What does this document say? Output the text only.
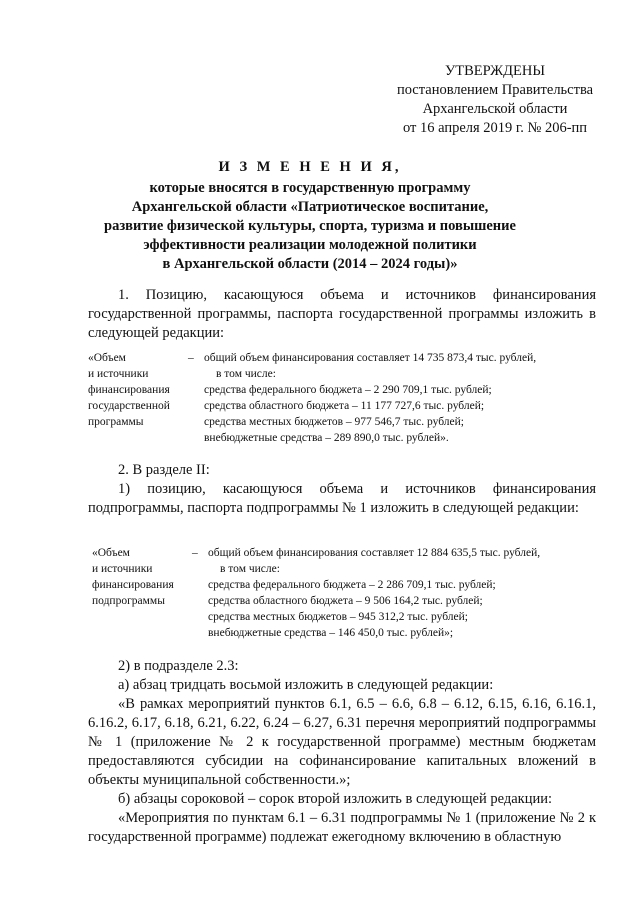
УТВЕРЖДЕНЫ
постановлением Правительства
Архангельской области
от 16 апреля 2019 г. № 206-пп
И З М Е Н Е Н И Я,
которые вносятся в государственную программу
Архангельской области «Патриотическое воспитание,
развитие физической культуры, спорта, туризма и повышение
эффективности реализации молодежной политики
в Архангельской области (2014 – 2024 годы)»
1. Позицию, касающуюся объема и источников финансирования государственной программы, паспорта государственной программы изложить в следующей редакции:
«Объем
и источники
финансирования
государственной
программы
– общий объем финансирования составляет 14 735 873,4 тыс. рублей,
в том числе:
средства федерального бюджета – 2 290 709,1 тыс. рублей;
средства областного бюджета – 11 177 727,6 тыс. рублей;
средства местных бюджетов – 977 546,7 тыс. рублей;
внебюджетные средства – 289 890,0 тыс. рублей».
2. В разделе II:
1) позицию, касающуюся объема и источников финансирования подпрограммы, паспорта подпрограммы № 1 изложить в следующей редакции:
«Объем
и источники
финансирования
подпрограммы
– общий объем финансирования составляет 12 884 635,5 тыс. рублей,
в том числе:
средства федерального бюджета – 2 286 709,1 тыс. рублей;
средства областного бюджета – 9 506 164,2 тыс. рублей;
средства местных бюджетов – 945 312,2 тыс. рублей;
внебюджетные средства – 146 450,0 тыс. рублей»;
2) в подразделе 2.3:
а) абзац тридцать восьмой изложить в следующей редакции:
«В рамках мероприятий пунктов 6.1, 6.5 – 6.6, 6.8 – 6.12, 6.15, 6.16, 6.16.1, 6.16.2, 6.17, 6.18, 6.21, 6.22, 6.24 – 6.27, 6.31 перечня мероприятий подпрограммы № 1 (приложение № 2 к государственной программе) местным бюджетам предоставляются субсидии на софинансирование капитальных вложений в объекты муниципальной собственности.»;
б) абзацы сороковой – сорок второй изложить в следующей редакции:
«Мероприятия по пунктам 6.1 – 6.31 подпрограммы № 1 (приложение № 2 к государственной программе) подлежат ежегодному включению в областную
